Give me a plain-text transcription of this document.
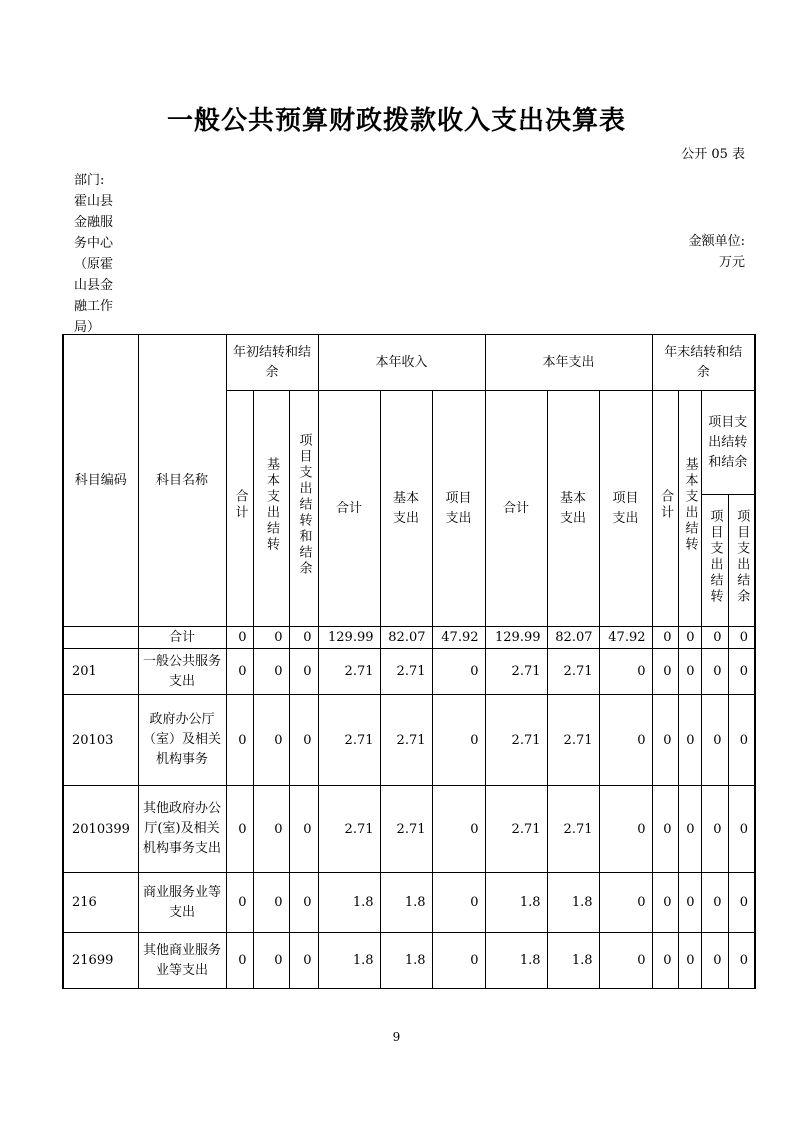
一般公共预算财政拨款收入支出决算表
公开 05 表
部门:
霍山县金融服务中心（原霍山县金融工作局）
金额单位:
万元
科目编码	科目名称	年初结转和结余			本年收入			本年支出			年末结转和结余			
		合计	基本支出结转	项目支出结转和结余	合计	基本支出	项目支出	合计	基本支出	项目支出	合计	基本支出结转	项目支出结转和结余	
													项目支出结转	项目支出结余
	合计	0	0	0	129.99	82.07	47.92	129.99	82.07	47.92	0	0	0	0
201	一般公共服务支出	0	0	0	2.71	2.71	0	2.71	2.71	0	0	0	0	0
20103	政府办公厅（室）及相关机构事务	0	0	0	2.71	2.71	0	2.71	2.71	0	0	0	0	0
2010399	其他政府办公厅(室)及相关机构事务支出	0	0	0	2.71	2.71	0	2.71	2.71	0	0	0	0	0
216	商业服务业等支出	0	0	0	1.8	1.8	0	1.8	1.8	0	0	0	0	0
21699	其他商业服务业等支出	0	0	0	1.8	1.8	0	1.8	1.8	0	0	0	0	0
9
